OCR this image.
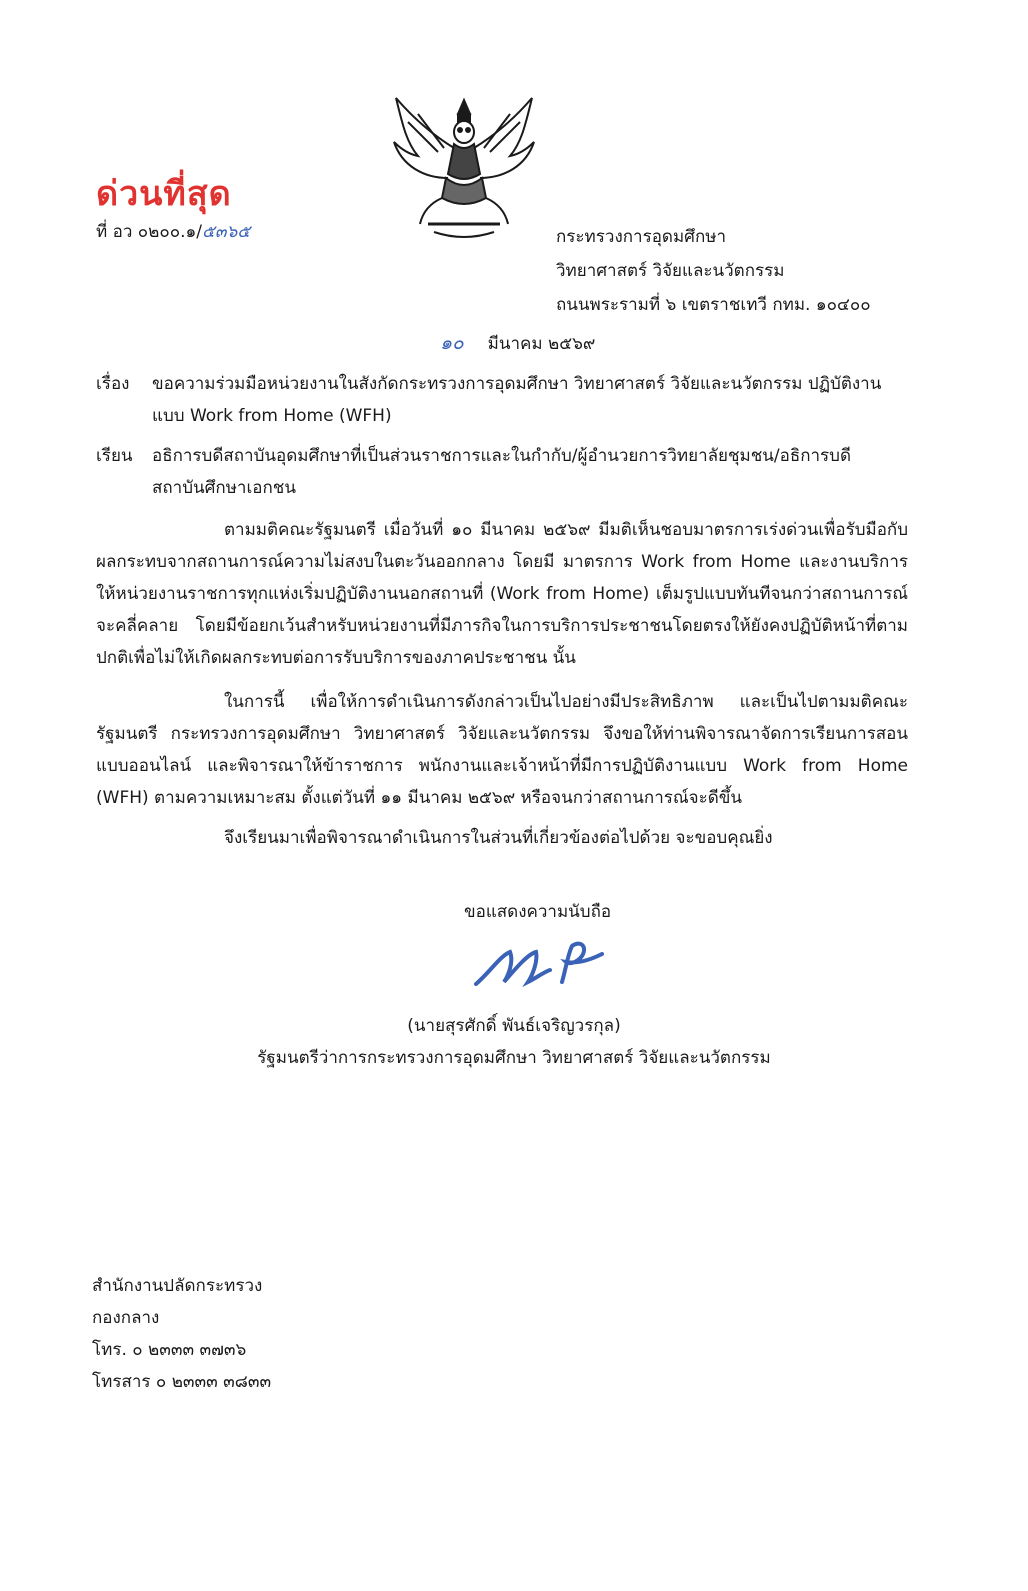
ด่วนที่สุด
ที่ อว ๐๒๐๐.๑/๕๓๖๕	กระทรวงการอุดมศึกษา
วิทยาศาสตร์ วิจัยและนวัตกรรม
ถนนพระรามที่ ๖ เขตราชเทวี กทม. ๑๐๔๐๐
๑๐ มีนาคม ๒๕๖๙
เรื่อง ขอความร่วมมือหน่วยงานในสังกัดกระทรวงการอุดมศึกษา วิทยาศาสตร์ วิจัยและนวัตกรรม ปฏิบัติงานแบบ Work from Home (WFH)
เรียน อธิการบดีสถาบันอุดมศึกษาที่เป็นส่วนราชการและในกำกับ/ผู้อำนวยการวิทยาลัยชุมชน/อธิการบดี สถาบันศึกษาเอกชน
ตามมติคณะรัฐมนตรี เมื่อวันที่ ๑๐ มีนาคม ๒๕๖๙ มีมติเห็นชอบมาตรการเร่งด่วนเพื่อรับมือกับผลกระทบจากสถานการณ์ความไม่สงบในตะวันออกกลาง โดยมี มาตรการ Work from Home และงานบริการให้หน่วยงานราชการทุกแห่งเริ่มปฏิบัติงานนอกสถานที่ (Work from Home) เต็มรูปแบบทันทีจนกว่าสถานการณ์จะคลี่คลาย โดยมีข้อยกเว้นสำหรับหน่วยงานที่มีภารกิจในการบริการประชาชนโดยตรงให้ยังคงปฏิบัติหน้าที่ตามปกติเพื่อไม่ให้เกิดผลกระทบต่อการรับบริการของภาคประชาชน นั้น
ในการนี้ เพื่อให้การดำเนินการดังกล่าวเป็นไปอย่างมีประสิทธิภาพ และเป็นไปตามมติคณะรัฐมนตรี กระทรวงการอุดมศึกษา วิทยาศาสตร์ วิจัยและนวัตกรรม จึงขอให้ท่านพิจารณาจัดการเรียนการสอนแบบออนไลน์ และพิจารณาให้ข้าราชการ พนักงานและเจ้าหน้าที่มีการปฏิบัติงานแบบ Work from Home (WFH) ตามความเหมาะสม ตั้งแต่วันที่ ๑๑ มีนาคม ๒๕๖๙ หรือจนกว่าสถานการณ์จะดีขึ้น
จึงเรียนมาเพื่อพิจารณาดำเนินการในส่วนที่เกี่ยวข้องต่อไปด้วย จะขอบคุณยิ่ง
ขอแสดงความนับถือ
(นายสุรศักดิ์ พันธ์เจริญวรกุล)
รัฐมนตรีว่าการกระทรวงการอุดมศึกษา วิทยาศาสตร์ วิจัยและนวัตกรรม
สำนักงานปลัดกระทรวง
กองกลาง
โทร. ๐ ๒๓๓๓ ๓๗๓๖
โทรสาร ๐ ๒๓๓๓ ๓๘๓๓
